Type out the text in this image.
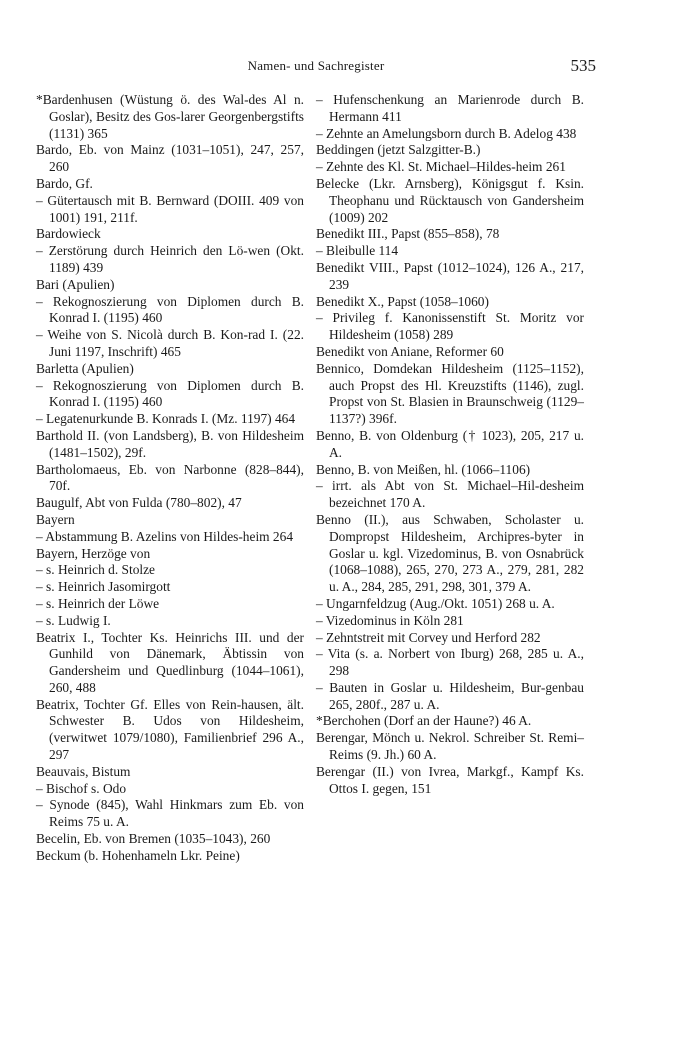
Namen- und Sachregister	535

*Bardenhusen (Wüstung ö. des Wal-des Al n. Goslar), Besitz des Gos-larer Georgenbergstifts (1131) 365

Bardo, Eb. von Mainz (1031–1051), 247, 257, 260

Bardo, Gf.

– Gütertausch mit B. Bernward (DOIII. 409 von 1001) 191, 211f.

Bardowieck

– Zerstörung durch Heinrich den Lö-wen (Okt. 1189) 439

Bari (Apulien)

– Rekognoszierung von Diplomen durch B. Konrad I. (1195) 460

– Weihe von S. Nicolà durch B. Kon-rad I. (22. Juni 1197, Inschrift) 465

Barletta (Apulien)

– Rekognoszierung von Diplomen durch B. Konrad I. (1195) 460

– Legatenurkunde B. Konrads I. (Mz. 1197) 464

Barthold II. (von Landsberg), B. von Hildesheim (1481–1502), 29f.

Bartholomaeus, Eb. von Narbonne (828–844), 70f.

Baugulf, Abt von Fulda (780–802), 47

Bayern

– Abstammung B. Azelins von Hildes-heim 264

Bayern, Herzöge von

– s. Heinrich d. Stolze

– s. Heinrich Jasomirgott

– s. Heinrich der Löwe

– s. Ludwig I.

Beatrix I., Tochter Ks. Heinrichs III. und der Gunhild von Dänemark, Äbtissin von Gandersheim und Quedlinburg (1044–1061), 260, 488

Beatrix, Tochter Gf. Elles von Rein-hausen, ält. Schwester B. Udos von Hildesheim, (verwitwet 1079/1080), Familienbrief 296 A., 297

Beauvais, Bistum

– Bischof s. Odo

– Synode (845), Wahl Hinkmars zum Eb. von Reims 75 u. A.

Becelin, Eb. von Bremen (1035–1043), 260

Beckum (b. Hohenhameln Lkr. Peine)

– Hufenschenkung an Marienrode durch B. Hermann 411

– Zehnte an Amelungsborn durch B. Adelog 438

Beddingen (jetzt Salzgitter-B.)

– Zehnte des Kl. St. Michael–Hildes-heim 261

Belecke (Lkr. Arnsberg), Königsgut f. Ksin. Theophanu und Rücktausch von Gandersheim (1009) 202

Benedikt III., Papst (855–858), 78

– Bleibulle 114

Benedikt VIII., Papst (1012–1024), 126 A., 217, 239

Benedikt X., Papst (1058–1060)

– Privileg f. Kanonissenstift St. Moritz vor Hildesheim (1058) 289

Benedikt von Aniane, Reformer 60

Bennico, Domdekan Hildesheim (1125–1152), auch Propst des Hl. Kreuzstifts (1146), zugl. Propst von St. Blasien in Braunschweig (1129–1137?) 396f.

Benno, B. von Oldenburg († 1023), 205, 217 u. A.

Benno, B. von Meißen, hl. (1066–1106)

– irrt. als Abt von St. Michael–Hil-desheim bezeichnet 170 A.

Benno (II.), aus Schwaben, Scholaster u. Dompropst Hildesheim, Archipres-byter in Goslar u. kgl. Vizedominus, B. von Osnabrück (1068–1088), 265, 270, 273 A., 279, 281, 282 u. A., 284, 285, 291, 298, 301, 379 A.

– Ungarnfeldzug (Aug./Okt. 1051) 268 u. A.

– Vizedominus in Köln 281

– Zehntstreit mit Corvey und Herford 282

– Vita (s. a. Norbert von Iburg) 268, 285 u. A., 298

– Bauten in Goslar u. Hildesheim, Bur-genbau 265, 280f., 287 u. A.

*Berchohen (Dorf an der Haune?) 46 A.

Berengar, Mönch u. Nekrol. Schreiber St. Remi–Reims (9. Jh.) 60 A.

Berengar (II.) von Ivrea, Markgf., Kampf Ks. Ottos I. gegen, 151
